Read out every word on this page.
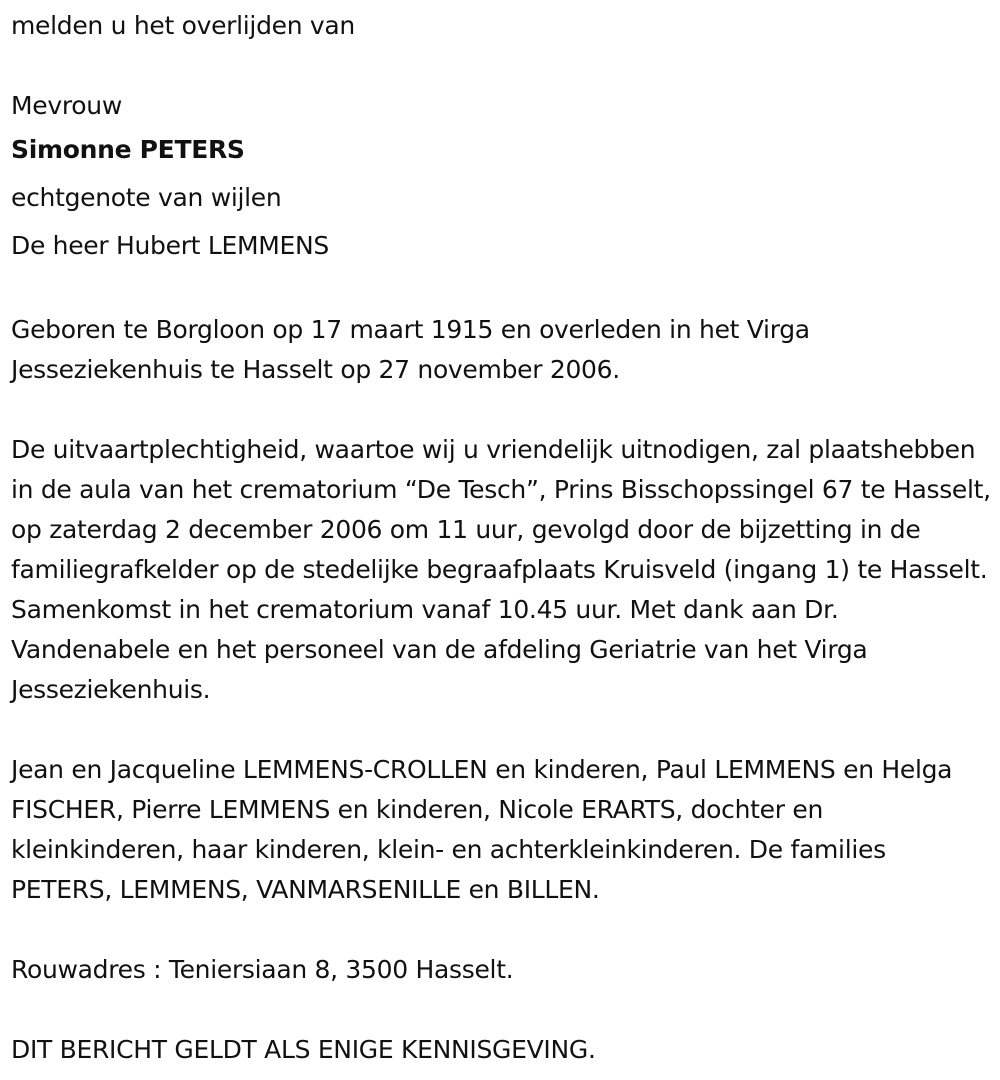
melden u het overlijden van

Mevrouw

Simonne PETERS

echtgenote van wijlen

De heer Hubert LEMMENS

Geboren te Borgloon op 17 maart 1915 en overleden in het Virga Jesseziekenhuis te Hasselt op 27 november 2006.

De uitvaartplechtigheid, waartoe wij u vriendelijk uitnodigen, zal plaatshebben in de aula van het crematorium “De Tesch”, Prins Bisschopssingel 67 te Hasselt, op zaterdag 2 december 2006 om 11 uur, gevolgd door de bijzetting in de familiegrafkelder op de stedelijke begraafplaats Kruisveld (ingang 1) te Hasselt. Samenkomst in het crematorium vanaf 10.45 uur. Met dank aan Dr. Vandenabele en het personeel van de afdeling Geriatrie van het Virga Jesseziekenhuis.

Jean en Jacqueline LEMMENS-CROLLEN en kinderen, Paul LEMMENS en Helga FISCHER, Pierre LEMMENS en kinderen, Nicole ERARTS, dochter en kleinkinderen, haar kinderen, klein- en achterkleinkinderen. De families PETERS, LEMMENS, VANMARSENILLE en BILLEN.

Rouwadres : Teniersiaan 8, 3500 Hasselt.

DIT BERICHT GELDT ALS ENIGE KENNISGEVING.
